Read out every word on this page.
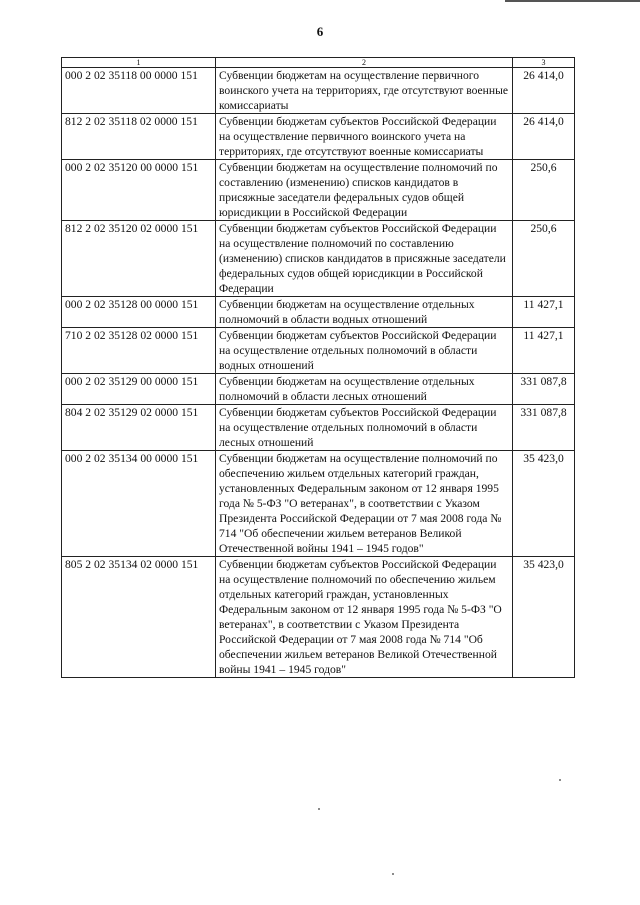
6
1	2	3
000 2 02 35118 00 0000 151	Субвенции бюджетам на осуществление первичного воинского учета на территориях, где отсутствуют военные комиссариаты	26 414,0
812 2 02 35118 02 0000 151	Субвенции бюджетам субъектов Российской Федерации на осуществление первичного воинского учета на территориях, где отсутствуют военные комиссариаты	26 414,0
000 2 02 35120 00 0000 151	Субвенции бюджетам на осуществление полномочий по составлению (изменению) списков кандидатов в присяжные заседатели федеральных судов общей юрисдикции в Российской Федерации	250,6
812 2 02 35120 02 0000 151	Субвенции бюджетам субъектов Российской Федерации на осуществление полномочий по составлению (изменению) списков кандидатов в присяжные заседатели федеральных судов общей юрисдикции в Российской Федерации	250,6
000 2 02 35128 00 0000 151	Субвенции бюджетам на осуществление отдельных полномочий в области водных отношений	11 427,1
710 2 02 35128 02 0000 151	Субвенции бюджетам субъектов Российской Федерации на осуществление отдельных полномочий в области водных отношений	11 427,1
000 2 02 35129 00 0000 151	Субвенции бюджетам на осуществление отдельных полномочий в области лесных отношений	331 087,8
804 2 02 35129 02 0000 151	Субвенции бюджетам субъектов Российской Федерации на осуществление отдельных полномочий в области лесных отношений	331 087,8
000 2 02 35134 00 0000 151	Субвенции бюджетам на осуществление полномочий по обеспечению жильем отдельных категорий граждан, установленных Федеральным законом от 12 января 1995 года № 5-ФЗ "О ветеранах", в соответствии с Указом Президента Российской Федерации от 7 мая 2008 года № 714 "Об обеспечении жильем ветеранов Великой Отечественной войны 1941 – 1945 годов"	35 423,0
805 2 02 35134 02 0000 151	Субвенции бюджетам субъектов Российской Федерации на осуществление полномочий по обеспечению жильем отдельных категорий граждан, установленных Федеральным законом от 12 января 1995 года № 5-ФЗ "О ветеранах", в соответствии с Указом Президента Российской Федерации от 7 мая 2008 года № 714 "Об обеспечении жильем ветеранов Великой Отечественной войны 1941 – 1945 годов"	35 423,0
